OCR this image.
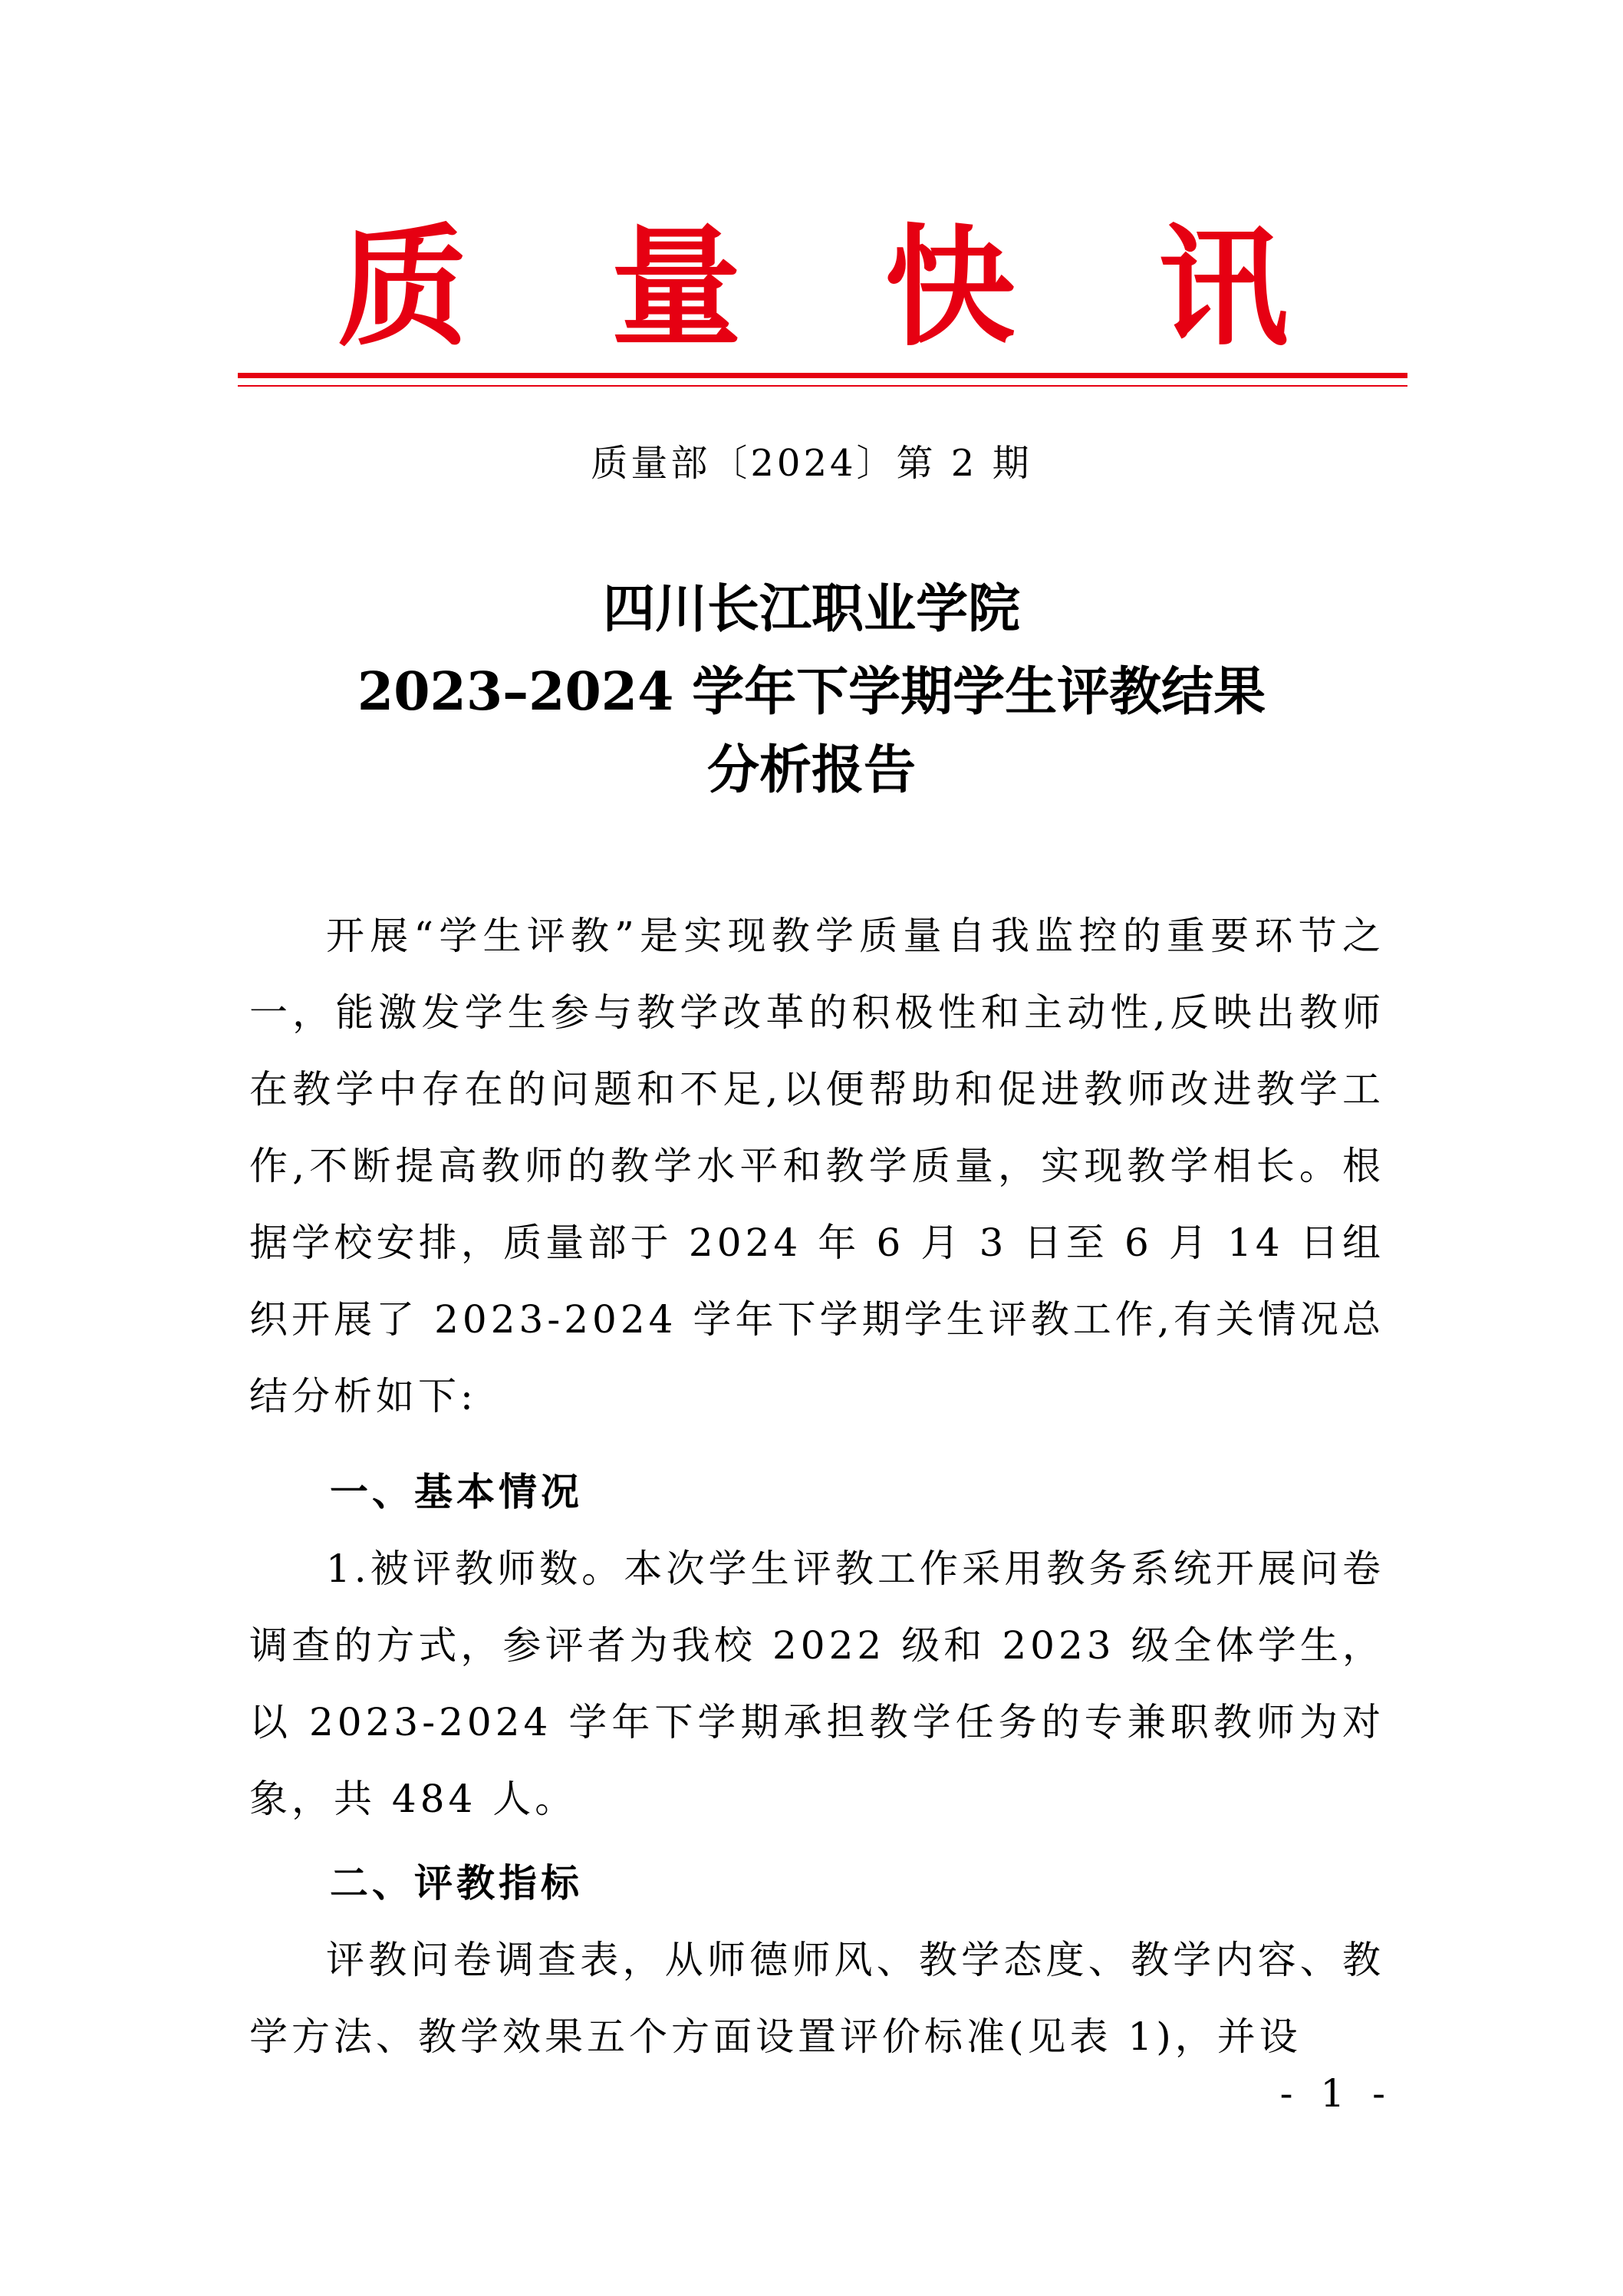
质 量 快 讯
质量部〔2024〕第 2 期
四川长江职业学院
2023–2024 学年下学期学生评教结果
分析报告
开展“学生评教”是实现教学质量自我监控的重要环节之一，能激发学生参与教学改革的积极性和主动性,反映出教师在教学中存在的问题和不足,以便帮助和促进教师改进教学工作,不断提高教师的教学水平和教学质量，实现教学相长。根据学校安排，质量部于 2024 年 6 月 3 日至 6 月 14 日组织开展了 2023-2024 学年下学期学生评教工作,有关情况总结分析如下:
一、基本情况
1.被评教师数。本次学生评教工作采用教务系统开展问卷调查的方式，参评者为我校 2022 级和 2023 级全体学生，以 2023-2024 学年下学期承担教学任务的专兼职教师为对象，共 484 人。
二、评教指标
评教问卷调查表，从师德师风、教学态度、教学内容、教学方法、教学效果五个方面设置评价标准(见表 1)，并设
- 1 -
